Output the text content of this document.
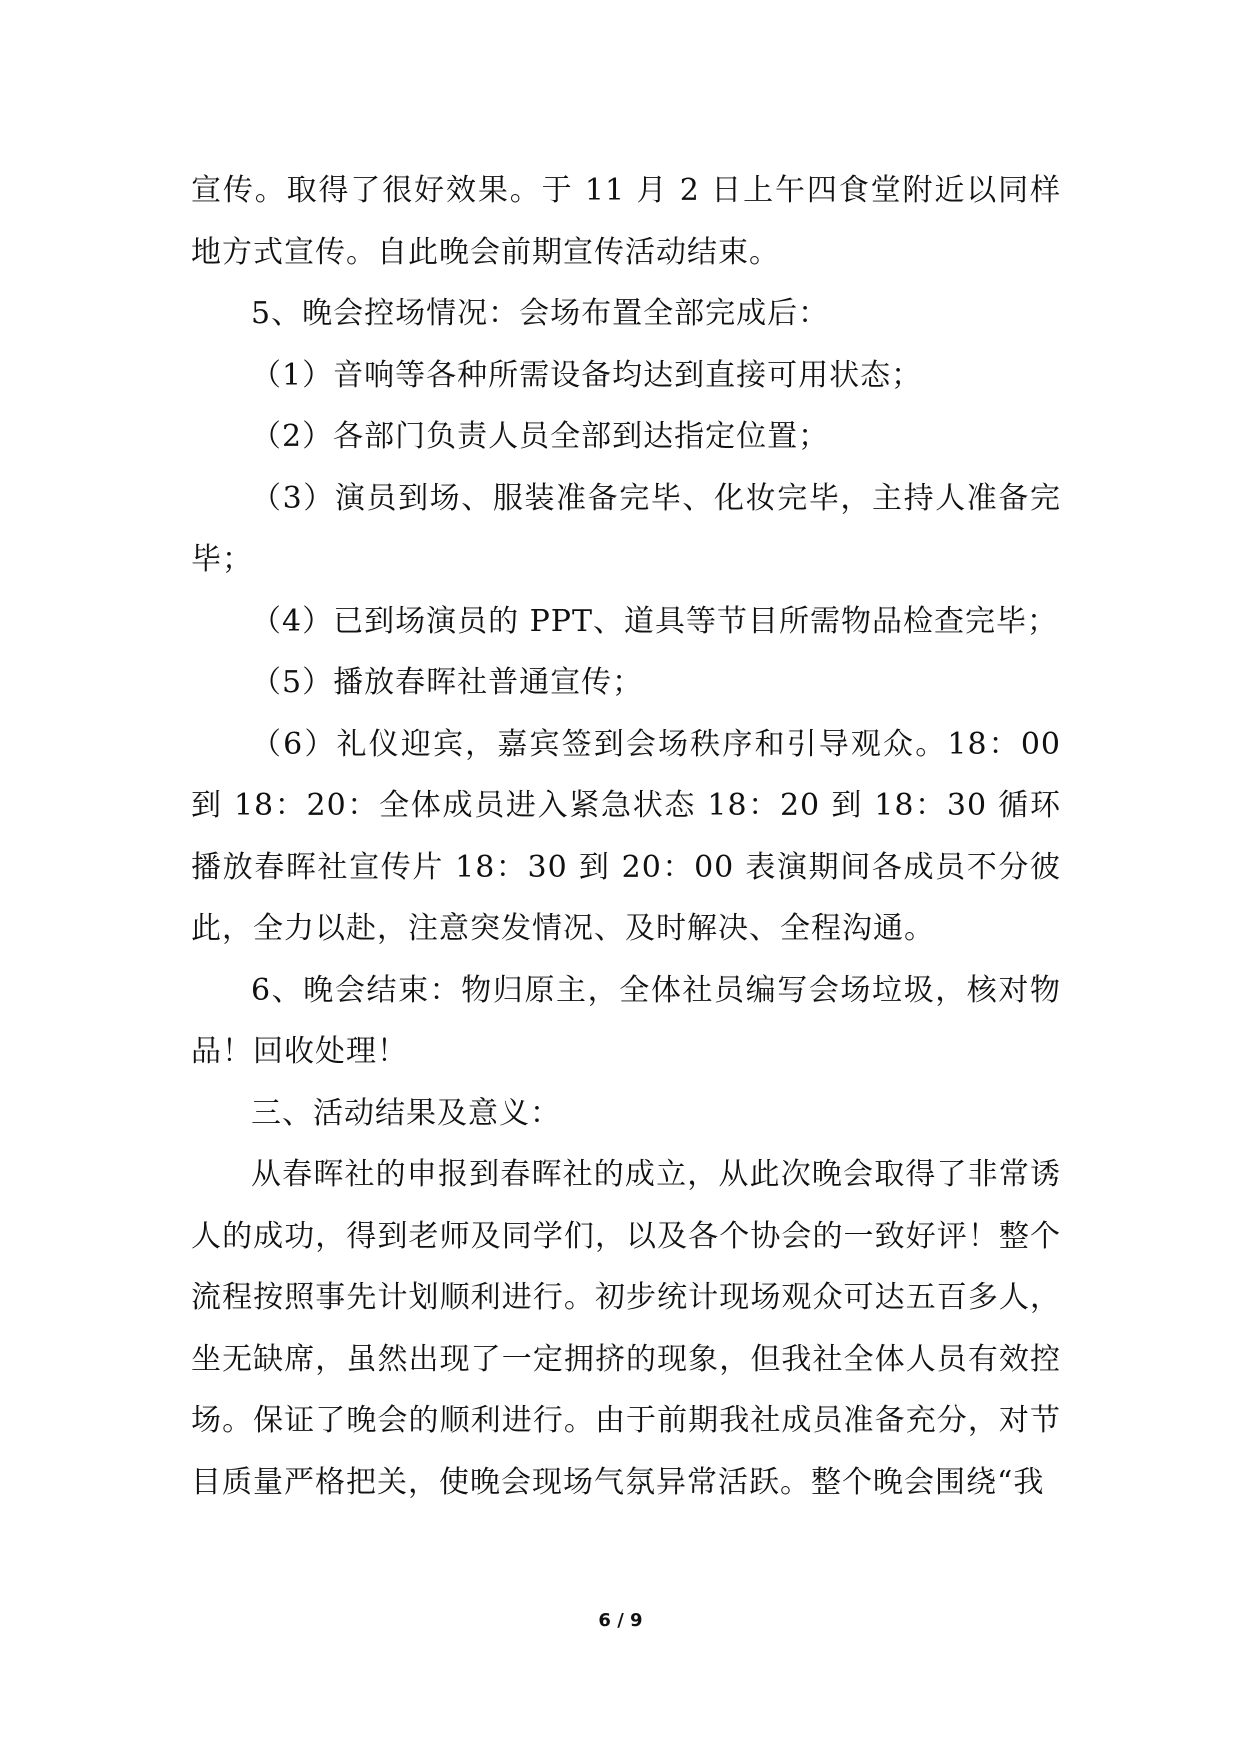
宣传。取得了很好效果。于 11 月 2 日上午四食堂附近以同样地方式宣传。自此晚会前期宣传活动结束。

5、晚会控场情况：会场布置全部完成后：

（1）音响等各种所需设备均达到直接可用状态；

（2）各部门负责人员全部到达指定位置；

（3）演员到场、服装准备完毕、化妆完毕，主持人准备完毕；

（4）已到场演员的 PPT、道具等节目所需物品检查完毕；

（5）播放春晖社普通宣传；

（6）礼仪迎宾，嘉宾签到会场秩序和引导观众。18：00 到 18：20：全体成员进入紧急状态 18：20 到 18：30 循环播放春晖社宣传片 18：30 到 20：00 表演期间各成员不分彼此，全力以赴，注意突发情况、及时解决、全程沟通。

6、晚会结束：物归原主，全体社员编写会场垃圾，核对物品！回收处理！

三、活动结果及意义：

从春晖社的申报到春晖社的成立，从此次晚会取得了非常诱人的成功，得到老师及同学们，以及各个协会的一致好评！整个流程按照事先计划顺利进行。初步统计现场观众可达五百多人，坐无缺席，虽然出现了一定拥挤的现象，但我社全体人员有效控场。保证了晚会的顺利进行。由于前期我社成员准备充分，对节目质量严格把关，使晚会现场气氛异常活跃。整个晚会围绕“我

6 / 9
